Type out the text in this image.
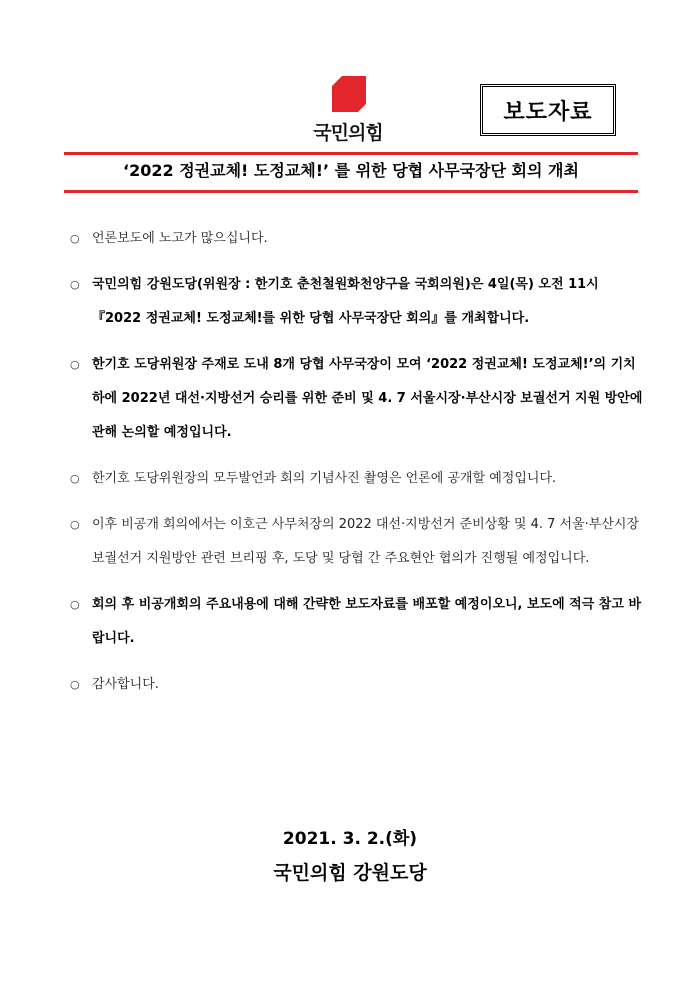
국민의힘
보도자료
‘2022 정권교체! 도정교체!’ 를 위한 당협 사무국장단 회의 개최
○ 언론보도에 노고가 많으십니다.
○ 국민의힘 강원도당(위원장 : 한기호 춘천철원화천양구을 국회의원)은 4일(목) 오전 11시 『2022 정권교체! 도정교체!를 위한 당협 사무국장단 회의』를 개최합니다.
○ 한기호 도당위원장 주재로 도내 8개 당협 사무국장이 모여 ‘2022 정권교체! 도정교체!’의 기치 하에 2022년 대선·지방선거 승리를 위한 준비 및 4. 7 서울시장·부산시장 보궐선거 지원 방안에 관해 논의할 예정입니다.
○ 한기호 도당위원장의 모두발언과 회의 기념사진 촬영은 언론에 공개할 예정입니다.
○ 이후 비공개 회의에서는 이호근 사무처장의 2022 대선·지방선거 준비상황 및 4. 7 서울·부산시장 보궐선거 지원방안 관련 브리핑 후, 도당 및 당협 간 주요현안 협의가 진행될 예정입니다.
○ 회의 후 비공개회의 주요내용에 대해 간략한 보도자료를 배포할 예정이오니, 보도에 적극 참고 바랍니다.
○ 감사합니다.
2021. 3. 2.(화)
국민의힘 강원도당
